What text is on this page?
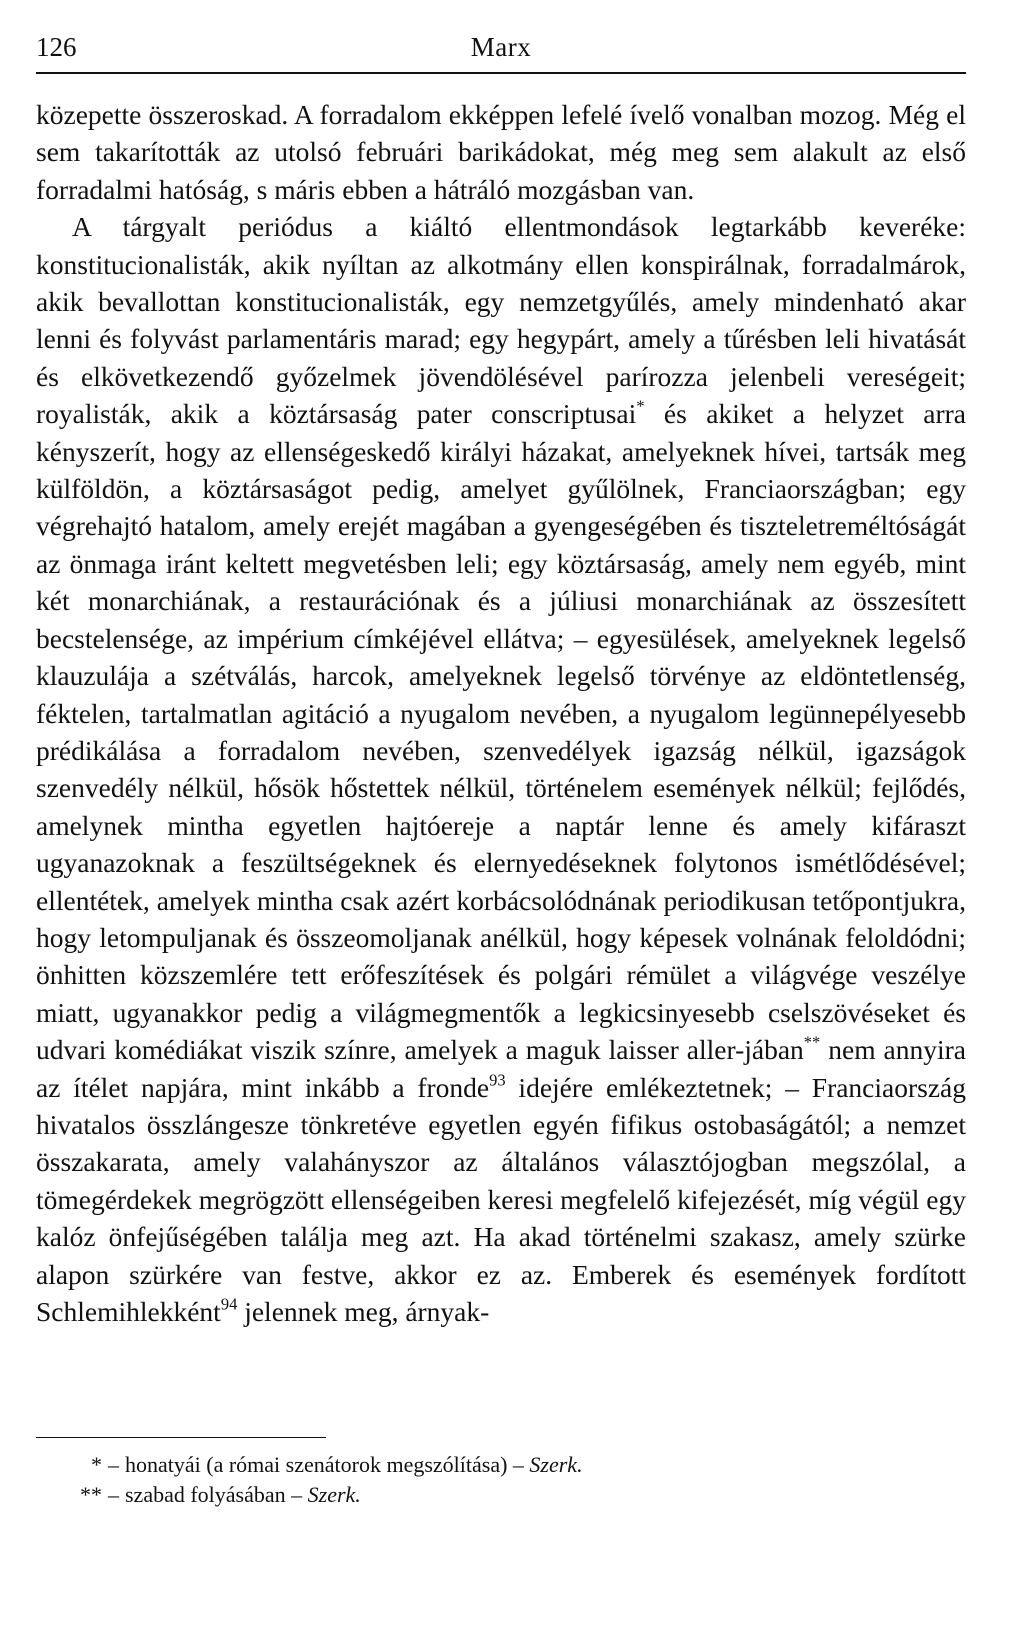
126	Marx

közepette összeroskad. A forradalom ekképpen lefelé ívelő vonalban mozog. Még el sem takarították az utolsó februári barikádokat, még meg sem alakult az első forradalmi hatóság, s máris ebben a hátráló mozgásban van.

A tárgyalt periódus a kiáltó ellentmondások legtarkább keveréke: konstitucionalisták, akik nyíltan az alkotmány ellen konspirálnak, forradalmárok, akik bevallottan konstitucionalisták, egy nemzetgyűlés, amely mindenható akar lenni és folyvást parlamentáris marad; egy hegypárt, amely a tűrésben leli hivatását és elkövetkezendő győzelmek jövendölésével parírozza jelenbeli vereségeit; royalisták, akik a köztársaság pater conscriptusai* és akiket a helyzet arra kényszerít, hogy az ellenségeskedő királyi házakat, amelyeknek hívei, tartsák meg külföldön, a köztársaságot pedig, amelyet gyűlölnek, Franciaországban; egy végrehajtó hatalom, amely erejét magában a gyengeségében és tiszteletreméltóságát az önmaga iránt keltett megvetésben leli; egy köztársaság, amely nem egyéb, mint két monarchiának, a restaurációnak és a júliusi monarchiának az összesített becstelensége, az impérium címkéjével ellátva; – egyesülések, amelyeknek legelső klauzulája a szétválás, harcok, amelyeknek legelső törvénye az eldöntetlenség, féktelen, tartalmatlan agitáció a nyugalom nevében, a nyugalom legünnepélyesebb prédikálása a forradalom nevében, szenvedélyek igazság nélkül, igazságok szenvedély nélkül, hősök hőstettek nélkül, történelem események nélkül; fejlődés, amelynek mintha egyetlen hajtóereje a naptár lenne és amely kifáraszt ugyanazoknak a feszültségeknek és elernyedéseknek folytonos ismétlődésével; ellentétek, amelyek mintha csak azért korbácsolódnának periodikusan tetőpontjukra, hogy letompuljanak és összeomoljanak anélkül, hogy képesek volnának feloldódni; önhitten közszemlére tett erőfeszítések és polgári rémület a világvége veszélye miatt, ugyanakkor pedig a világmegmentők a legkicsinyesebb cselszövéseket és udvari komédiákat viszik színre, amelyek a maguk laisser aller-jában** nem annyira az ítélet napjára, mint inkább a fronde$^{93}$ idejére emlékeztetnek; – Franciaország hivatalos összlángesze tönkretéve egyetlen egyén fifikus ostobaságától; a nemzet összakarata, amely valahányszor az általános választójogban megszólal, a tömegérdekek megrögzött ellenségeiben keresi megfelelő kifejezését, míg végül egy kalóz önfejűségében találja meg azt. Ha akad történelmi szakasz, amely szürke alapon szürkére van festve, akkor ez az. Emberek és események fordított Schlemihlekként$^{94}$ jelennek meg, árnyak-

* – honatyái (a római szenátorok megszólítása) – Szerk.
** – szabad folyásában – Szerk.
